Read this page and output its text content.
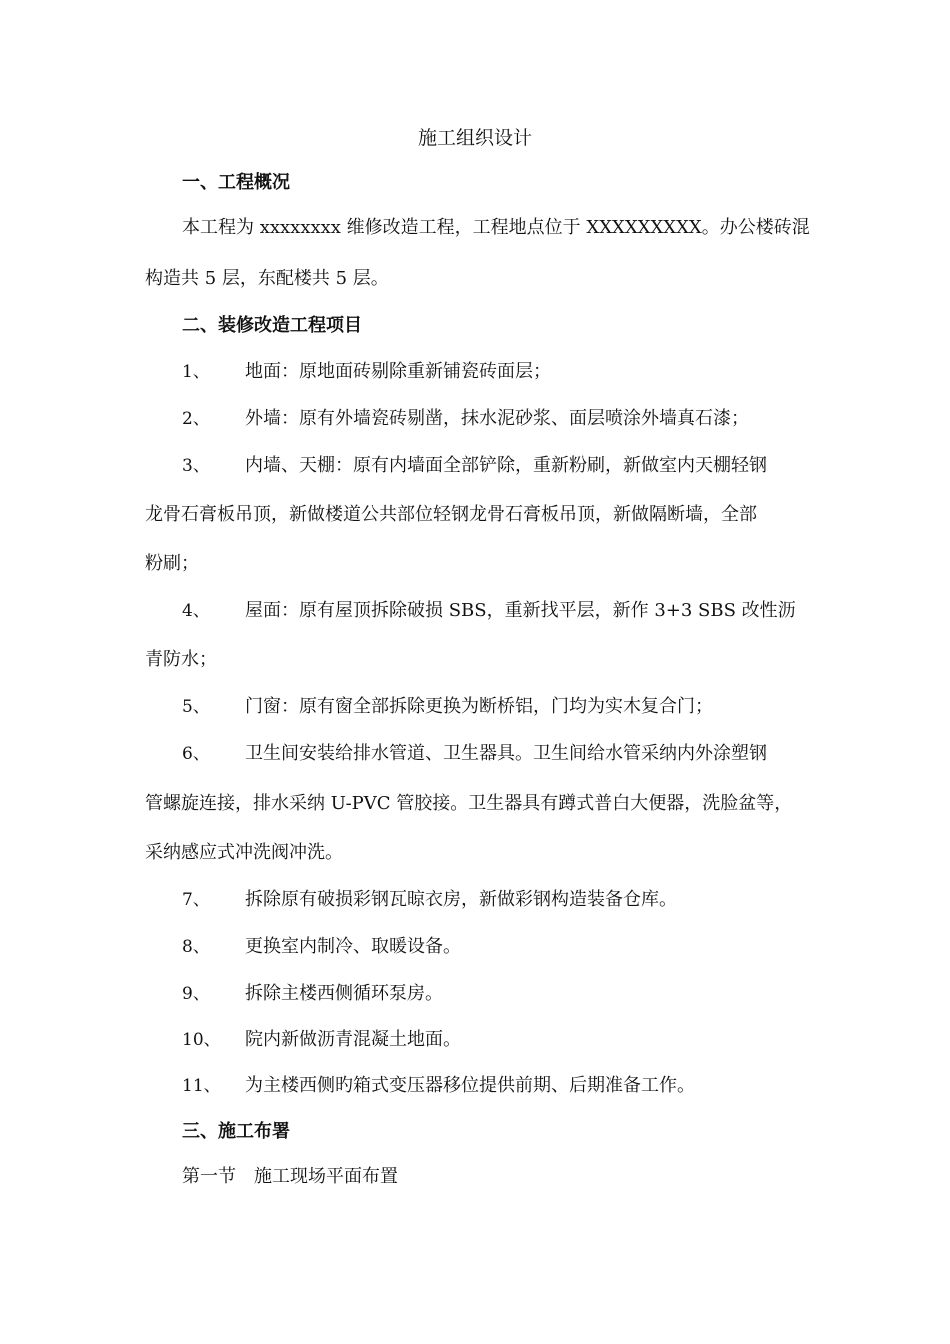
施工组织设计
一、工程概况
本工程为 xxxxxxxx 维修改造工程，工程地点位于 XXXXXXXXX。办公楼砖混
构造共 5 层，东配楼共 5 层。
二、装修改造工程项目
1、 地面：原地面砖剔除重新铺瓷砖面层；
2、 外墙：原有外墙瓷砖剔凿，抹水泥砂浆、面层喷涂外墙真石漆；
3、 内墙、天棚：原有内墙面全部铲除，重新粉刷，新做室内天棚轻钢
龙骨石膏板吊顶，新做楼道公共部位轻钢龙骨石膏板吊顶，新做隔断墙，全部
粉刷；
4、 屋面：原有屋顶拆除破损 SBS，重新找平层，新作 3+3 SBS 改性沥
青防水；
5、 门窗：原有窗全部拆除更换为断桥铝，门均为实木复合门；
6、 卫生间安装给排水管道、卫生器具。卫生间给水管采纳内外涂塑钢
管螺旋连接，排水采纳 U-PVC 管胶接。卫生器具有蹲式普白大便器，洗脸盆等，
采纳感应式冲洗阀冲洗。
7、 拆除原有破损彩钢瓦晾衣房，新做彩钢构造装备仓库。
8、 更换室内制冷、取暖设备。
9、 拆除主楼西侧循环泵房。
10、 院内新做沥青混凝土地面。
11、 为主楼西侧旳箱式变压器移位提供前期、后期准备工作。
三、施工布署
第一节　施工现场平面布置
